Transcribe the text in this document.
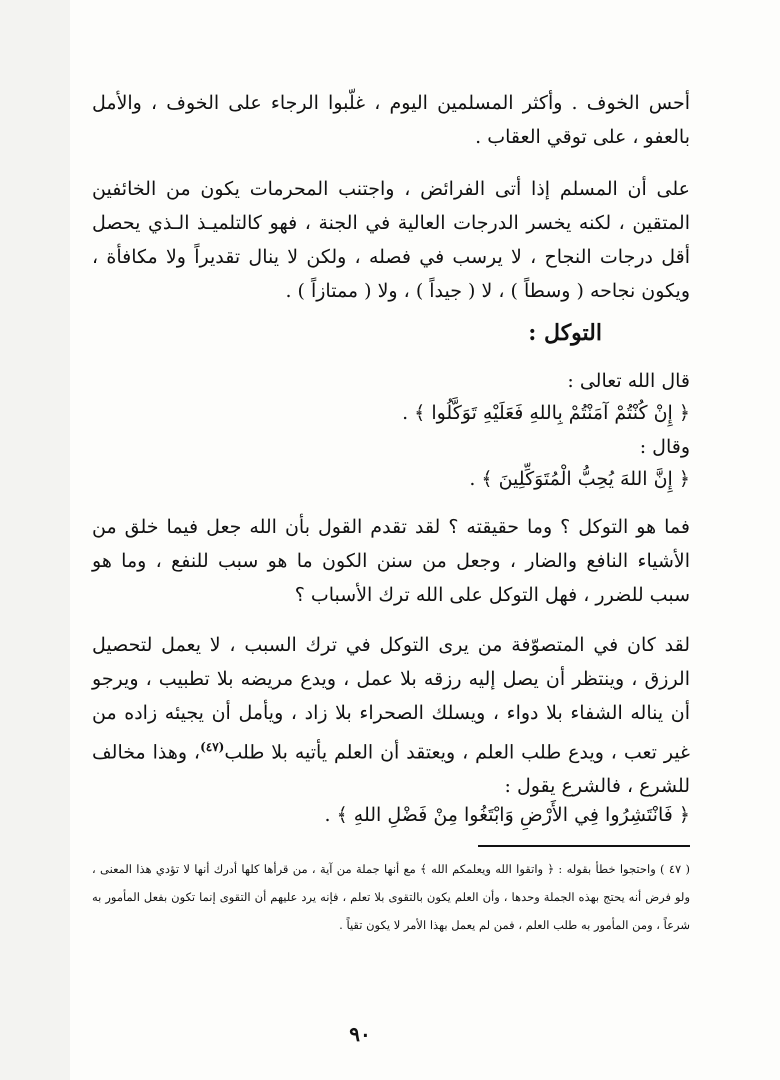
أحس الخوف . وأكثر المسلمين اليوم ، غلّبوا الرجاء على الخوف ، والأمل بالعفو ، على توقي العقاب .

على أن المسلم إذا أتى الفرائض ، واجتنب المحرمات يكون من الخائفين المتقين ، لكنه يخسر الدرجات العالية في الجنة ، فهو كالتلميـذ الـذي يحصل أقل درجات النجاح ، لا يرسب في فصله ، ولكن لا ينال تقديراً ولا مكافأة ، ويكون نجاحه ( وسطاً ) ، لا ( جيداً ) ، ولا ( ممتازاً ) .

التوكل :
قال الله تعالى :
﴿ إِنْ كُنْتُمْ آمَنْتُمْ بِاللهِ فَعَلَيْهِ تَوَكَّلُوا ﴾ .
وقال :
﴿ إِنَّ اللهَ يُحِبُّ الْمُتَوَكِّلِينَ ﴾ .

فما هو التوكل ؟ وما حقيقته ؟ لقد تقدم القول بأن الله جعل فيما خلق من الأشياء النافع والضار ، وجعل من سنن الكون ما هو سبب للنفع ، وما هو سبب للضرر ، فهل التوكل على الله ترك الأسباب ؟

لقد كان في المتصوّفة من يرى التوكل في ترك السبب ، لا يعمل لتحصيل الرزق ، وينتظر أن يصل إليه رزقه بلا عمل ، ويدع مريضه بلا تطبيب ، ويرجو أن يناله الشفاء بلا دواء ، ويسلك الصحراء بلا زاد ، ويأمل أن يجيئه زاده من غير تعب ، ويدع طلب العلم ، ويعتقد أن العلم يأتيه بلا طلب$^{(٤٧)}$، وهذا مخالف للشرع ، فالشرع يقول :

﴿ فَانْتَشِرُوا فِي الأَرْضِ وَابْتَغُوا مِنْ فَضْلِ اللهِ ﴾ .

( ٤٧ ) واحتجوا خطأ بقوله : ﴿ واتقوا الله ويعلمكم الله ﴾ مع أنها جملة من آية ، من قرأها كلها أدرك أنها لا تؤدي هذا المعنى ، ولو فرض أنه يحتج بهذه الجملة وحدها ، وأن العلم يكون بالتقوى بلا تعلم ، فإنه يرد عليهم أن التقوى إنما تكون بفعل المأمور به شرعاً ، ومن المأمور به طلب العلم ، فمن لم يعمل بهذا الأمر لا يكون تقياً .

٩٠
